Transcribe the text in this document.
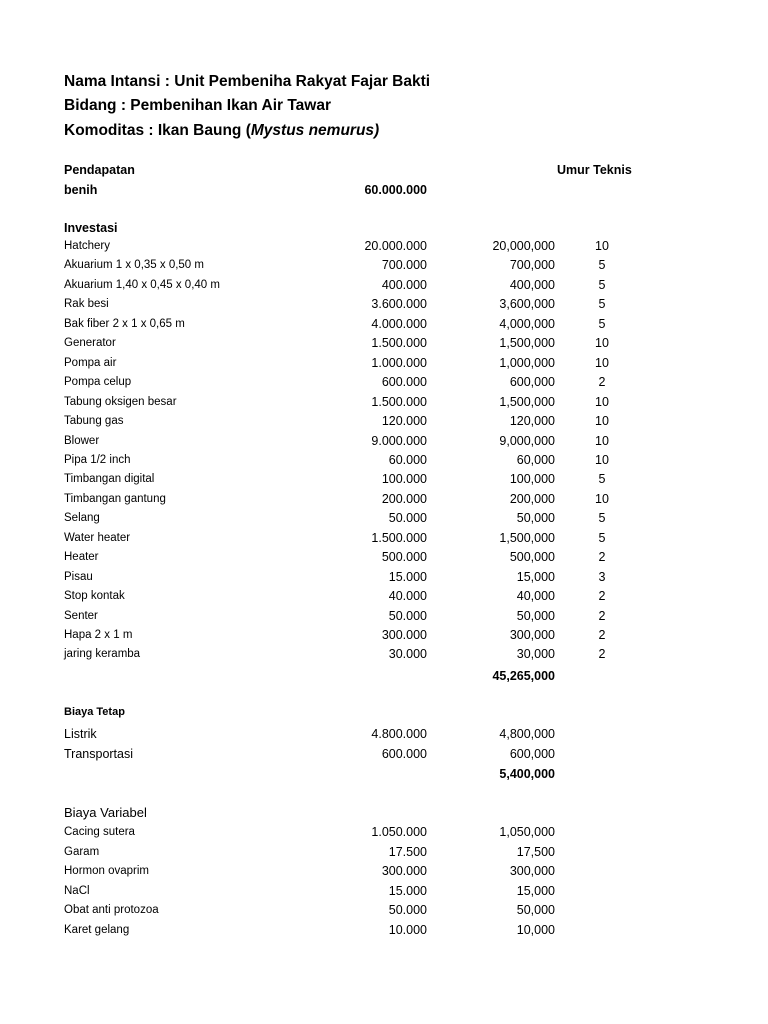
Nama Intansi : Unit Pembeniha Rakyat Fajar Bakti
Bidang : Pembenihan Ikan Air Tawar
Komoditas : Ikan Baung (Mystus nemurus)
Pendapatan	Umur Teknis
benih	60.000.000
Investasi
Hatchery	20.000.000	20,000,000	10
Akuarium 1 x 0,35 x 0,50 m	700.000	700,000	5
Akuarium 1,40 x 0,45 x 0,40 m	400.000	400,000	5
Rak besi	3.600.000	3,600,000	5
Bak fiber 2 x 1 x 0,65 m	4.000.000	4,000,000	5
Generator	1.500.000	1,500,000	10
Pompa air	1.000.000	1,000,000	10
Pompa celup	600.000	600,000	2
Tabung oksigen besar	1.500.000	1,500,000	10
Tabung gas	120.000	120,000	10
Blower	9.000.000	9,000,000	10
Pipa 1/2 inch	60.000	60,000	10
Timbangan digital	100.000	100,000	5
Timbangan gantung	200.000	200,000	10
Selang	50.000	50,000	5
Water heater	1.500.000	1,500,000	5
Heater	500.000	500,000	2
Pisau	15.000	15,000	3
Stop kontak	40.000	40,000	2
Senter	50.000	50,000	2
Hapa 2 x 1 m	300.000	300,000	2
jaring keramba	30.000	30,000	2
45,265,000
Biaya Tetap
Listrik	4.800.000	4,800,000
Transportasi	600.000	600,000
5,400,000
Biaya Variabel
Cacing sutera	1.050.000	1,050,000
Garam	17.500	17,500
Hormon ovaprim	300.000	300,000
NaCl	15.000	15,000
Obat anti protozoa	50.000	50,000
Karet gelang	10.000	10,000
